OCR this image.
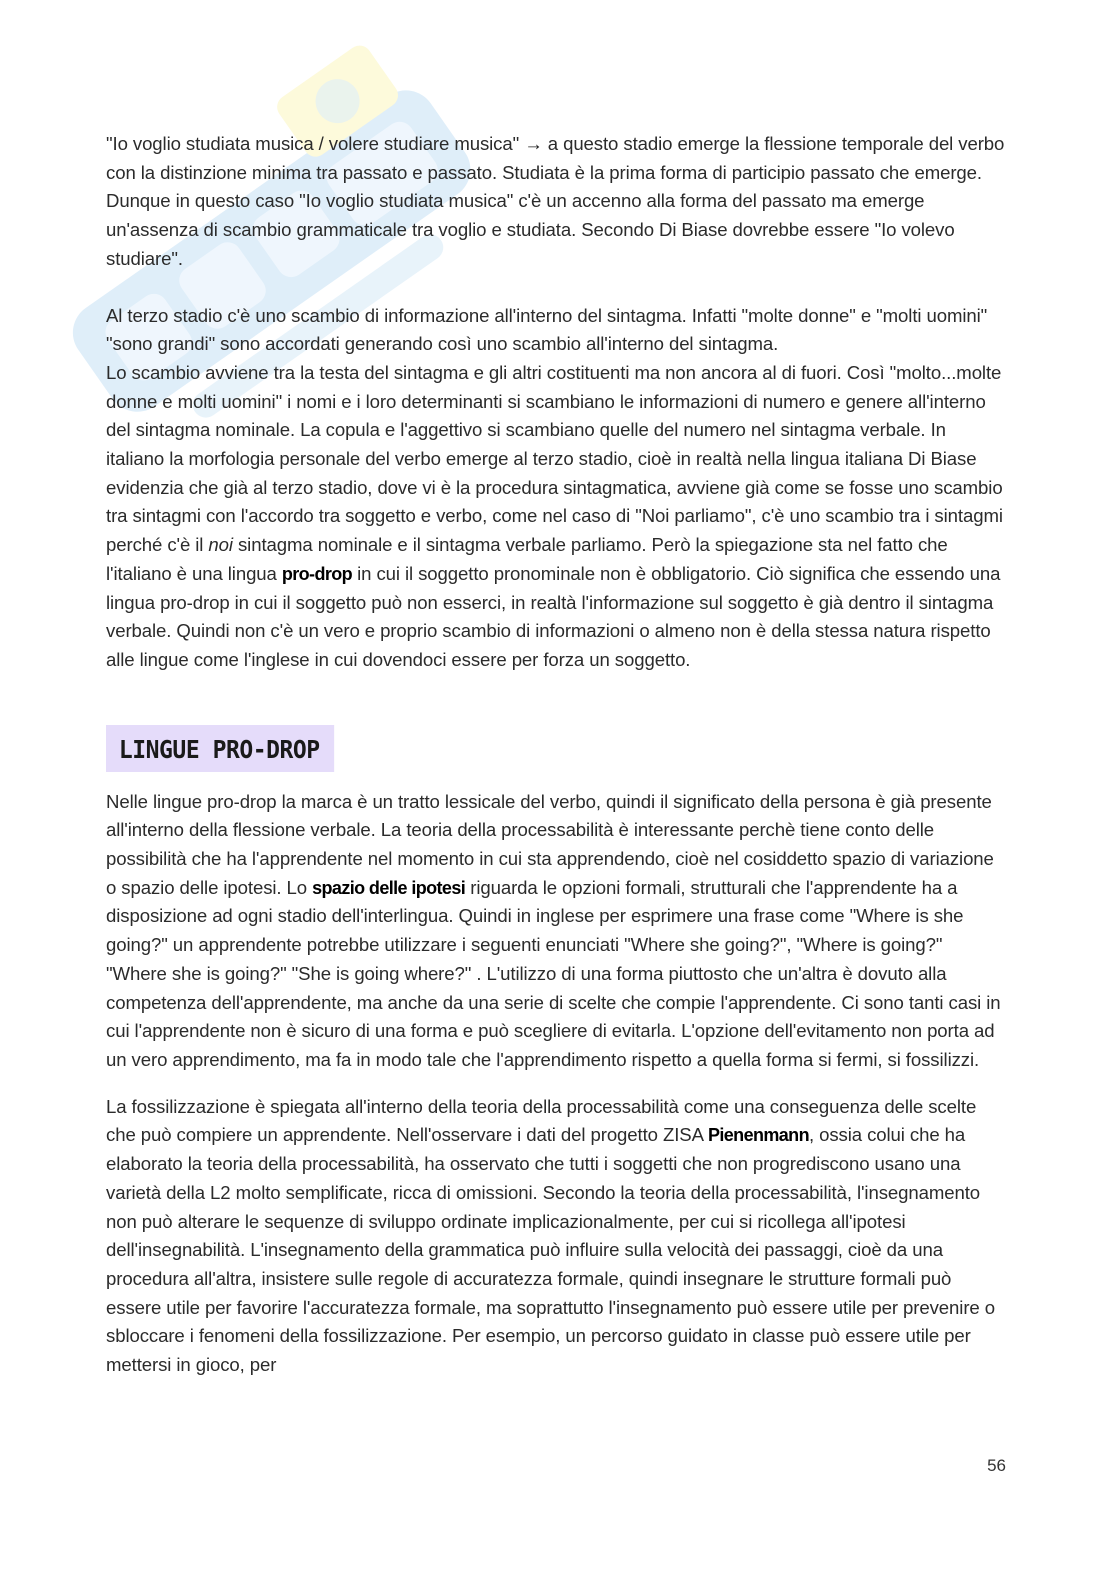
"Io voglio studiata musica / volere studiare musica" → a questo stadio emerge la flessione temporale del verbo con la distinzione minima tra passato e passato. Studiata è la prima forma di participio passato che emerge. Dunque in questo caso "Io voglio studiata musica" c'è un accenno alla forma del passato ma emerge un'assenza di scambio grammaticale tra voglio e studiata. Secondo Di Biase dovrebbe essere "Io volevo studiare".

Al terzo stadio c'è uno scambio di informazione all'interno del sintagma. Infatti "molte donne" e "molti uomini" "sono grandi" sono accordati generando così uno scambio all'interno del sintagma.

Lo scambio avviene tra la testa del sintagma e gli altri costituenti ma non ancora al di fuori. Così "molto...molte donne e molti uomini" i nomi e i loro determinanti si scambiano le informazioni di numero e genere all'interno del sintagma nominale. La copula e l'aggettivo si scambiano quelle del numero nel sintagma verbale. In italiano la morfologia personale del verbo emerge al terzo stadio, cioè in realtà nella lingua italiana Di Biase evidenzia che già al terzo stadio, dove vi è la procedura sintagmatica, avviene già come se fosse uno scambio tra sintagmi con l'accordo tra soggetto e verbo, come nel caso di "Noi parliamo", c'è uno scambio tra i sintagmi perché c'è il noi sintagma nominale e il sintagma verbale parliamo. Però la spiegazione sta nel fatto che l'italiano è una lingua pro-drop in cui il soggetto pronominale non è obbligatorio. Ciò significa che essendo una lingua pro-drop in cui il soggetto può non esserci, in realtà l'informazione sul soggetto è già dentro il sintagma verbale. Quindi non c'è un vero e proprio scambio di informazioni o almeno non è della stessa natura rispetto alle lingue come l'inglese in cui dovendoci essere per forza un soggetto.

LINGUE PRO-DROP

Nelle lingue pro-drop la marca è un tratto lessicale del verbo, quindi il significato della persona è già presente all'interno della flessione verbale. La teoria della processabilità è interessante perchè tiene conto delle possibilità che ha l'apprendente nel momento in cui sta apprendendo, cioè nel cosiddetto spazio di variazione o spazio delle ipotesi. Lo spazio delle ipotesi riguarda le opzioni formali, strutturali che l'apprendente ha a disposizione ad ogni stadio dell'interlingua. Quindi in inglese per esprimere una frase come "Where is she going?" un apprendente potrebbe utilizzare i seguenti enunciati "Where she going?", "Where is going?" "Where she is going?" "She is going where?" . L'utilizzo di una forma piuttosto che un'altra è dovuto alla competenza dell'apprendente, ma anche da una serie di scelte che compie l'apprendente. Ci sono tanti casi in cui l'apprendente non è sicuro di una forma e può scegliere di evitarla. L'opzione dell'evitamento non porta ad un vero apprendimento, ma fa in modo tale che l'apprendimento rispetto a quella forma si fermi, si fossilizzi.

La fossilizzazione è spiegata all'interno della teoria della processabilità come una conseguenza delle scelte che può compiere un apprendente. Nell'osservare i dati del progetto ZISA Pienenmann, ossia colui che ha elaborato la teoria della processabilità, ha osservato che tutti i soggetti che non progrediscono usano una varietà della L2 molto semplificate, ricca di omissioni. Secondo la teoria della processabilità, l'insegnamento non può alterare le sequenze di sviluppo ordinate implicazionalmente, per cui si ricollega all'ipotesi dell'insegnabilità. L'insegnamento della grammatica può influire sulla velocità dei passaggi, cioè da una procedura all'altra, insistere sulle regole di accuratezza formale, quindi insegnare le strutture formali può essere utile per favorire l'accuratezza formale, ma soprattutto l'insegnamento può essere utile per prevenire o sbloccare i fenomeni della fossilizzazione. Per esempio, un percorso guidato in classe può essere utile per mettersi in gioco, per

56
